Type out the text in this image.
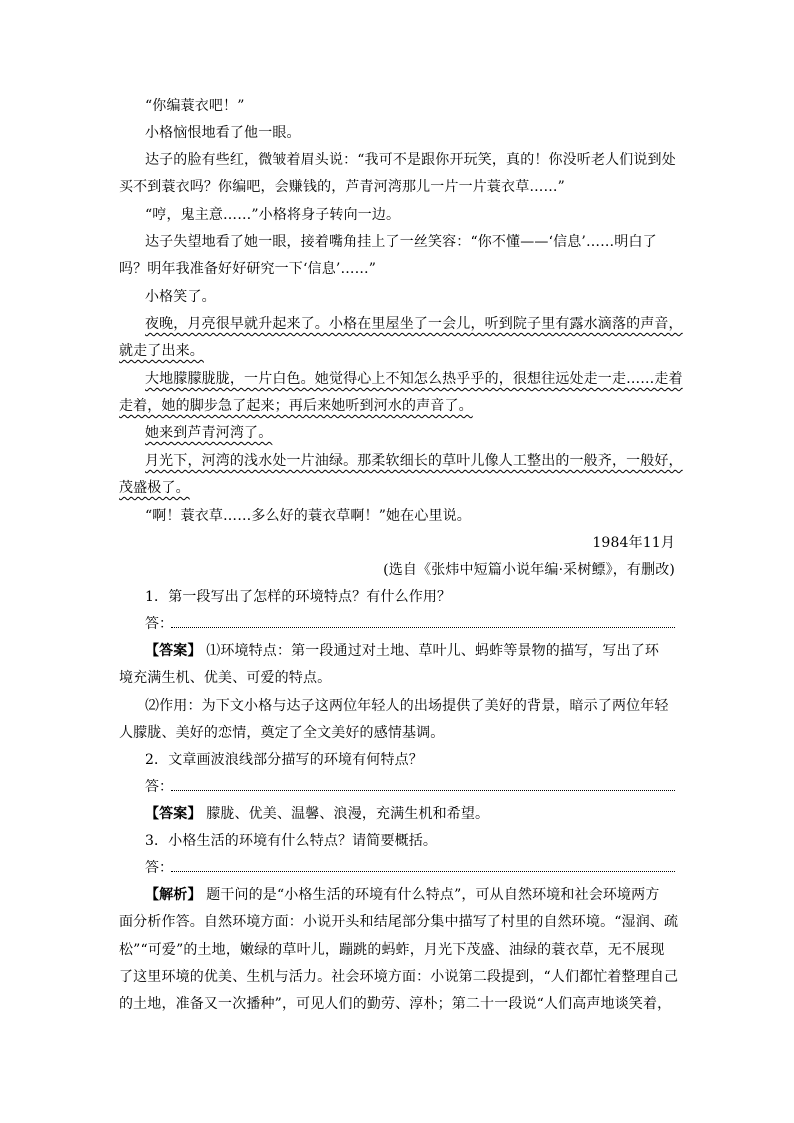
“你编蓑衣吧！”
小格恼恨地看了他一眼。
达子的脸有些红，微皱着眉头说：“我可不是跟你开玩笑，真的！你没听老人们说到处
买不到蓑衣吗？你编吧，会赚钱的，芦青河湾那儿一片一片蓑衣草……”
“哼，鬼主意……”小格将身子转向一边。
达子失望地看了她一眼，接着嘴角挂上了一丝笑容：“你不懂——‘信息’……明白了
吗？明年我准备好好研究一下‘信息’……”
小格笑了。
夜晚，月亮很早就升起来了。小格在里屋坐了一会儿，听到院子里有露水滴落的声音，
就走了出来。
大地朦朦胧胧，一片白色。她觉得心上不知怎么热乎乎的，很想往远处走一走……走着
走着，她的脚步急了起来；再后来她听到河水的声音了。
她来到芦青河湾了。
月光下，河湾的浅水处一片油绿。那柔软细长的草叶儿像人工整出的一般齐，一般好，
茂盛极了。
“啊！蓑衣草……多么好的蓑衣草啊！”她在心里说。
1984年11月
(选自《张炜中短篇小说年编·采树鳔》，有删改)
1．第一段写出了怎样的环境特点？有什么作用？
答：
【答案】 ⑴环境特点：第一段通过对土地、草叶儿、蚂蚱等景物的描写，写出了环
境充满生机、优美、可爱的特点。
⑵作用：为下文小格与达子这两位年轻人的出场提供了美好的背景，暗示了两位年轻
人朦胧、美好的恋情，奠定了全文美好的感情基调。
2．文章画波浪线部分描写的环境有何特点？
答：
【答案】 朦胧、优美、温馨、浪漫，充满生机和希望。
3．小格生活的环境有什么特点？请简要概括。
答：
【解析】 题干问的是“小格生活的环境有什么特点”，可从自然环境和社会环境两方
面分析作答。自然环境方面：小说开头和结尾部分集中描写了村里的自然环境。“湿润、疏
松”“可爱”的土地，嫩绿的草叶儿，蹦跳的蚂蚱，月光下茂盛、油绿的蓑衣草，无不展现
了这里环境的优美、生机与活力。社会环境方面：小说第二段提到，“人们都忙着整理自己
的土地，准备又一次播种”，可见人们的勤劳、淳朴；第二十一段说“人们高声地谈笑着，
